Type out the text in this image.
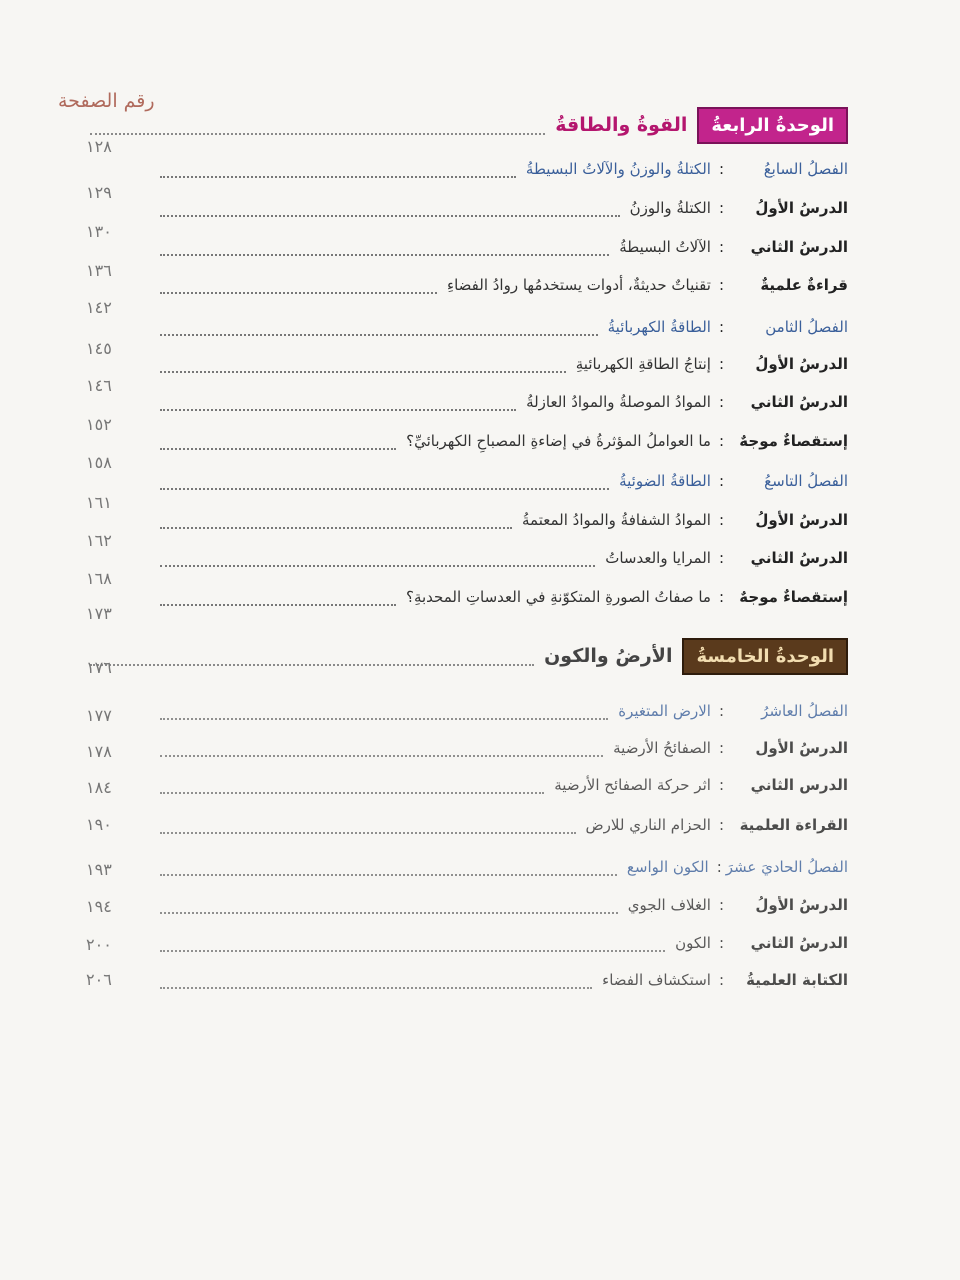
رقم الصفحة
الوحدةُ الرابعةُ
القوةُ والطاقةُ
١٢٨
الفصلُ السابعُ
:
الكتلةُ والوزنُ والآلاتُ البسيطةُ
١٢٩
الدرسُ الأولُ
:
الكتلةُ والوزنُ
١٣٠
الدرسُ الثاني
:
الآلاتُ البسيطةُ
١٣٦
قراءةٌ علميةٌ
:
تقنياتٌ حديثةٌ، أدوات يستخدمُها روادُ الفضاءِ
١٤٢
الفصلُ الثامن
:
الطاقةُ الكهربائيةُ
١٤٥
الدرسُ الأولُ
:
إنتاجُ الطاقةِ الكهربائيةِ
١٤٦
الدرسُ الثاني
:
الموادُ الموصلةُ والموادُ العازلةُ
١٥٢
إستقصاءٌ موجهٌ
:
ما العواملُ المؤثرةُ في إضاءةِ المصباحِ الكهربائيِّ؟
١٥٨
الفصلُ التاسعُ
:
الطاقةُ الضوئيةُ
١٦١
الدرسُ الأولُ
:
الموادُ الشفافةُ والموادُ المعتمةُ
١٦٢
الدرسُ الثاني
:
المرايا والعدساتُ
١٦٨
إستقصاءٌ موجهٌ
:
ما صفاتُ الصورةِ المتكوّنةِ في العدساتِ المحدبةِ؟
١٧٣
الوحدةُ الخامسةُ
الأرضُ والكون
١٧٦
الفصلُ العاشرُ
:
الارض المتغيرة
١٧٧
الدرسُ الأول
:
الصفائحُ الأرضية
١٧٨
الدرس الثاني
:
اثر حركة الصفائح الأرضية
١٨٤
القراءة العلمية
:
الحزام الناري للارض
١٩٠
الفصلُ الحاديَ عشرَ
:
الكون الواسع
١٩٣
الدرسُ الأولُ
:
الغلاف الجوي
١٩٤
الدرسُ الثاني
:
الكون
٢٠٠
الكتابة العلميةُ
:
استكشاف الفضاء
٢٠٦
